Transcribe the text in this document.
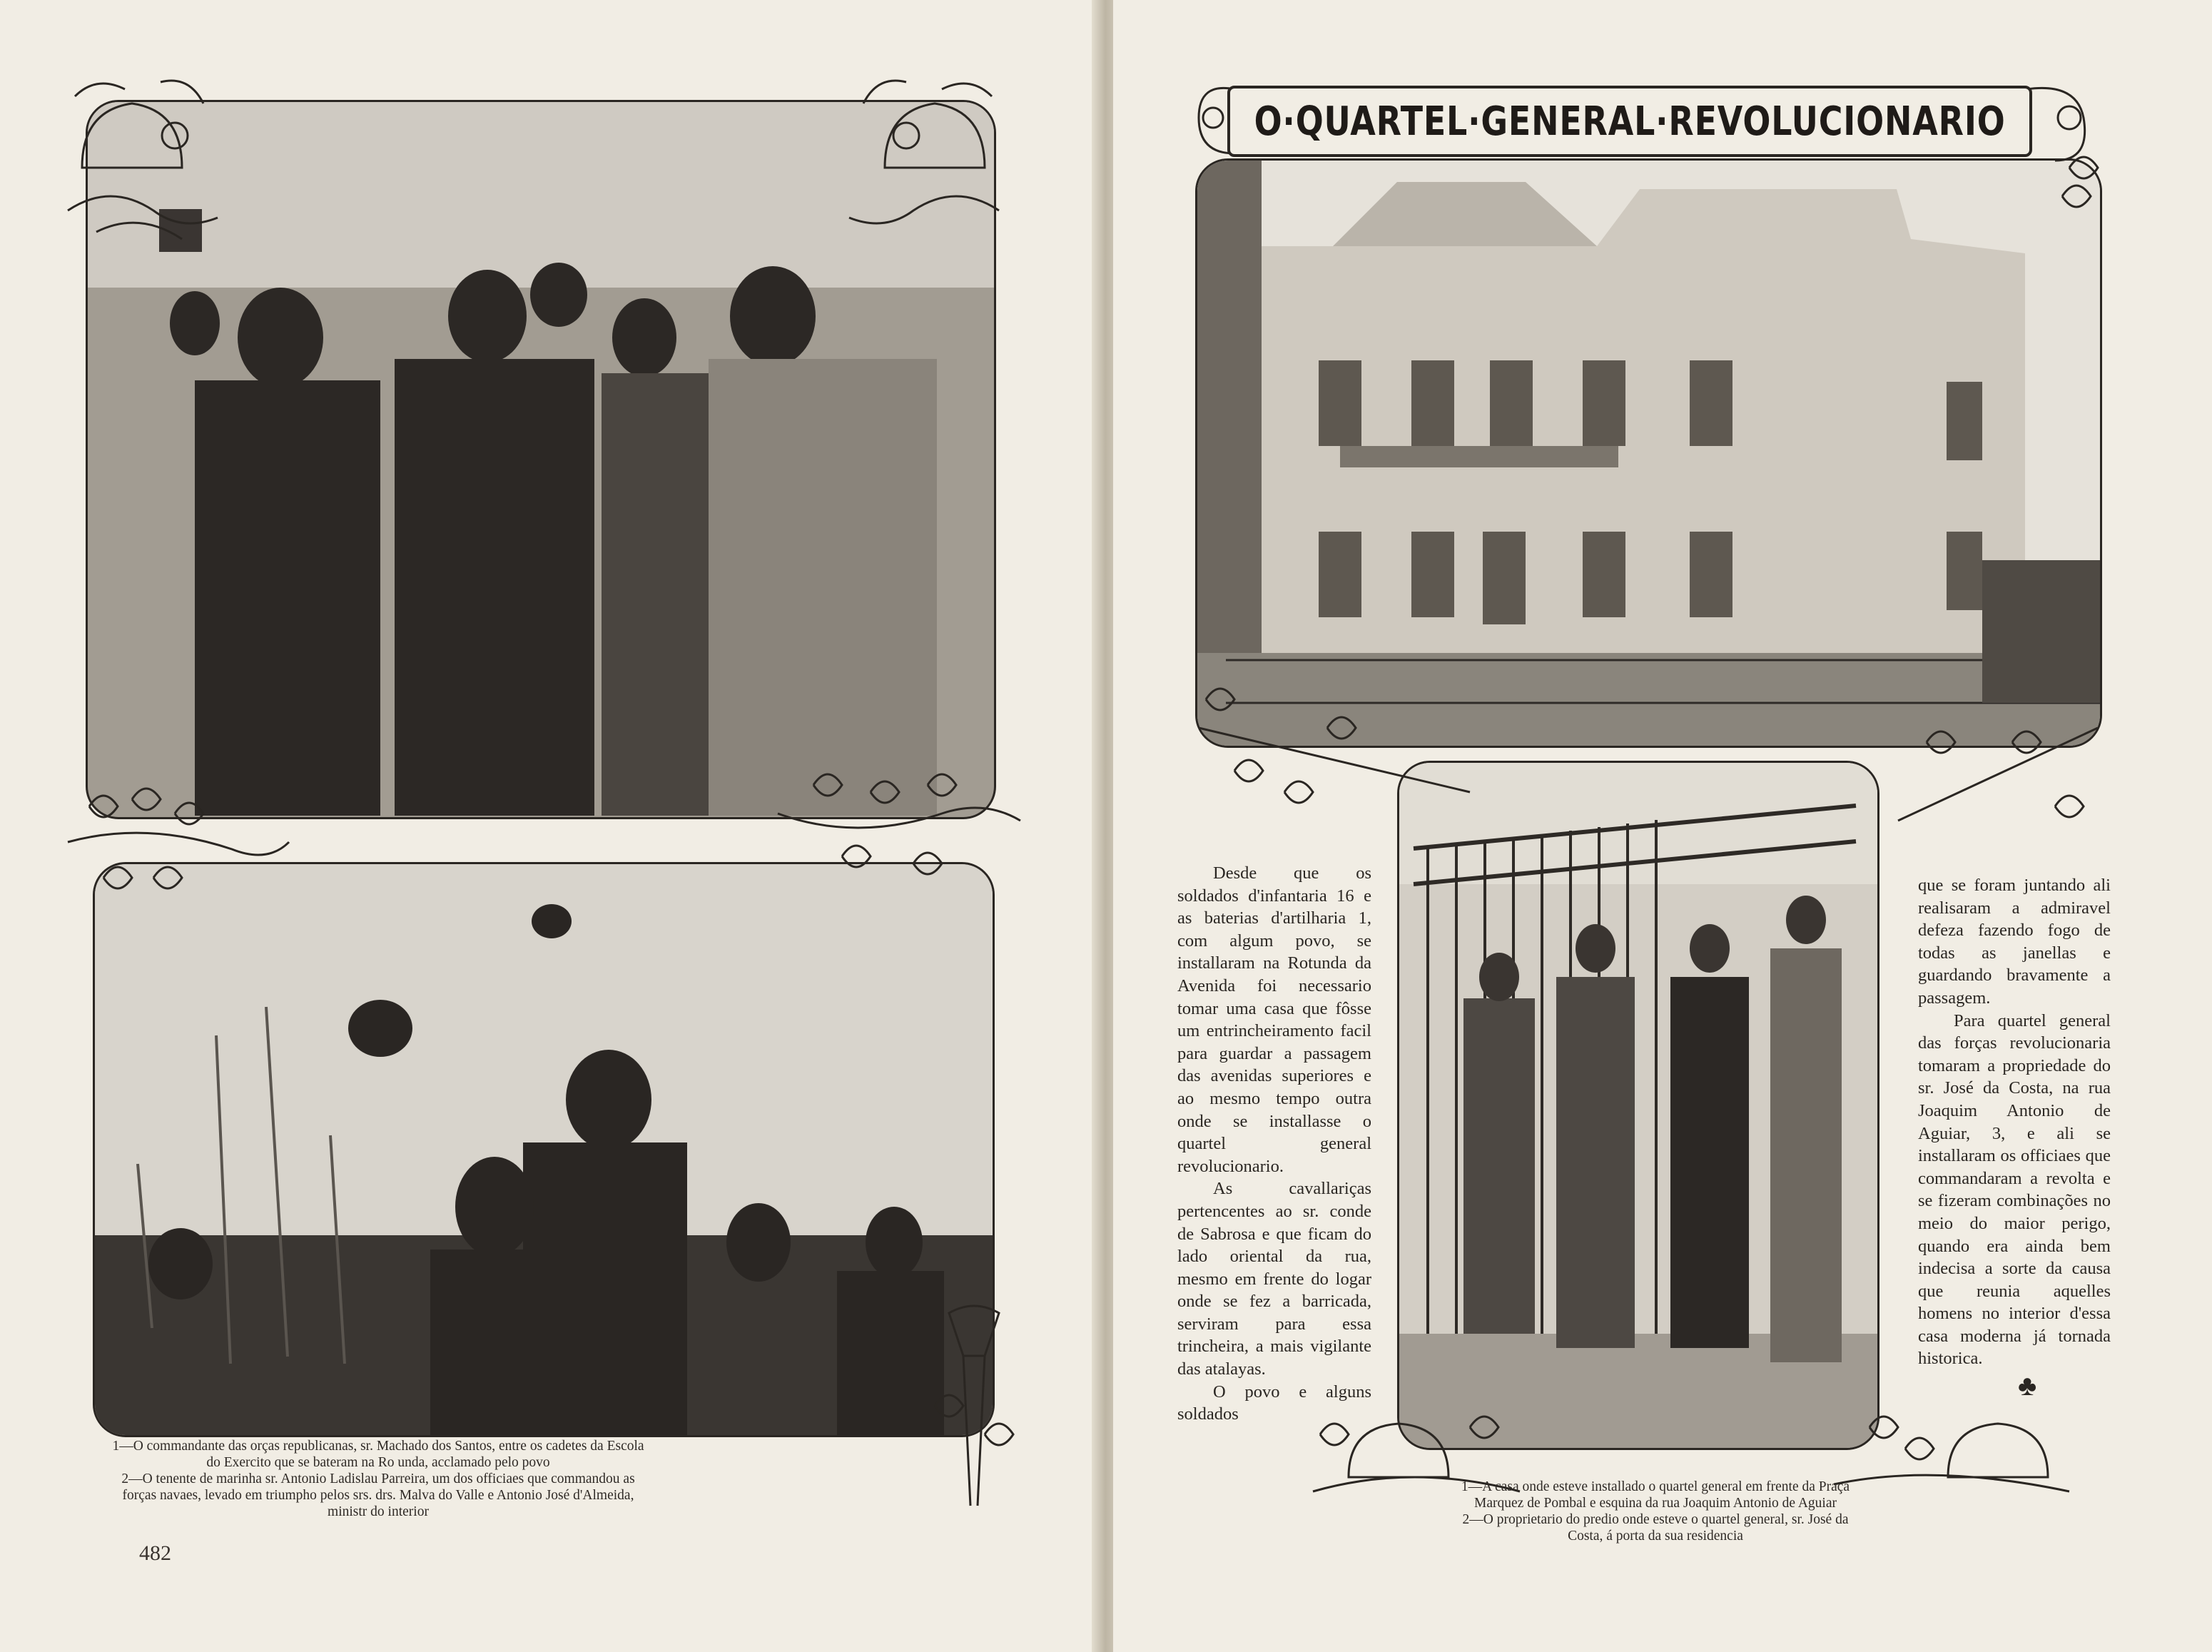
O·QUARTEL·GENERAL·REVOLUCIONARIO

Desde que os soldados d'infantaria 16 e as baterias d'artilharia 1, com algum povo, se installaram na Rotunda da Avenida foi necessario tomar uma casa que fôsse um entrincheiramento facil para guardar a passagem das avenidas superiores e ao mesmo tempo outra onde se installasse o quartel general revolucionario.

As cavallariças pertencentes ao sr. conde de Sabrosa e que ficam do lado oriental da rua, mesmo em frente do logar onde se fez a barricada, serviram para essa trincheira, a mais vigilante das atalayas.

O povo e alguns soldados

que se foram juntando ali realisaram a admiravel defeza fazendo fogo de todas as janellas e guardando bravamente a passagem.

Para quartel general das forças revolucionaria tomaram a propriedade do sr. José da Costa, na rua Joaquim Antonio de Aguiar, 3, e ali se installaram os officiaes que commandaram a revolta e se fizeram combinações no meio do maior perigo, quando era ainda bem indecisa a sorte da causa que reunia aquelles homens no interior d'essa casa moderna já tornada historica.

♣
1—O commandante das orças republicanas, sr. Machado dos Santos, entre os cadetes da Escola do Exercito que se bateram na Ro unda, acclamado pelo povo
2—O tenente de marinha sr. Antonio Ladislau Parreira, um dos officiaes que commandou as forças navaes, levado em triumpho pelos srs. drs. Malva do Valle e Antonio José d'Almeida, ministr do interior
1—A casa onde esteve installado o quartel general em frente da Praça Marquez de Pombal e esquina da rua Joaquim Antonio de Aguiar
2—O proprietario do predio onde esteve o quartel general, sr. José da Costa, á porta da sua residencia
482
